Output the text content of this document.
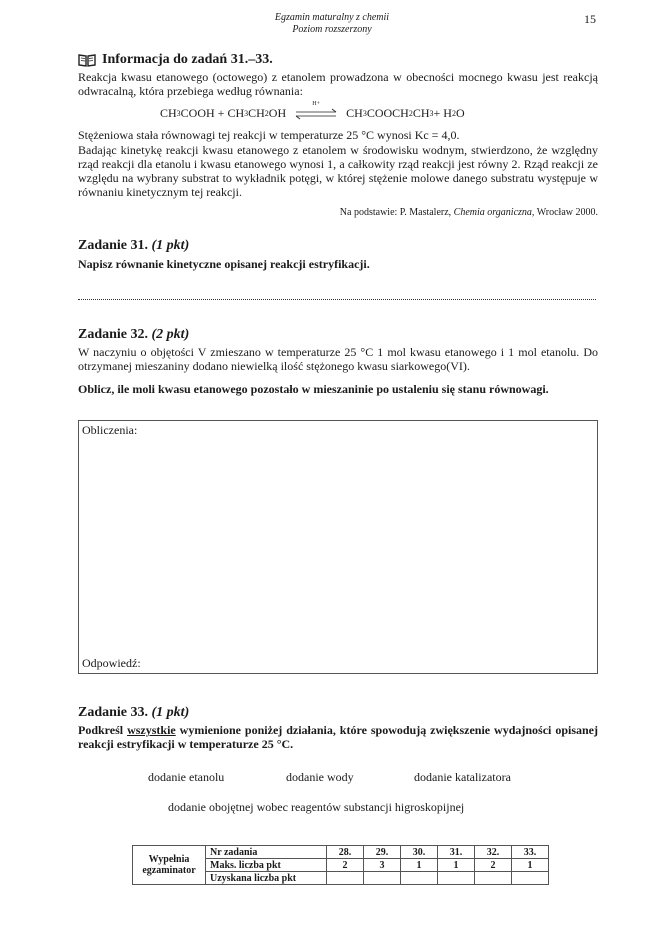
Egzamin maturalny z chemii
Poziom rozszerzony
15
Informacja do zadań 31.–33.
Reakcja kwasu etanowego (octowego) z etanolem prowadzona w obecności mocnego kwasu jest reakcją odwracalną, która przebiega według równania:
CH 3 COOH + CH 3 CH 2 OH
H+
CH 3 COOCH 2 CH 3 + H 2 O
Stężeniowa stała równowagi tej reakcji w temperaturze 25 °C wynosi Kc = 4,0.
Badając kinetykę reakcji kwasu etanowego z etanolem w środowisku wodnym, stwierdzono, że względny rząd reakcji dla etanolu i kwasu etanowego wynosi 1, a całkowity rząd reakcji jest równy 2. Rząd reakcji ze względu na wybrany substrat to wykładnik potęgi, w której stężenie molowe danego substratu występuje w równaniu kinetycznym tej reakcji.
Na podstawie: P. Mastalerz, Chemia organiczna, Wrocław 2000.
Zadanie 31. (1 pkt)
Napisz równanie kinetyczne opisanej reakcji estryfikacji.
Zadanie 32. (2 pkt)
W naczyniu o objętości V zmieszano w temperaturze 25 °C 1 mol kwasu etanowego i 1 mol etanolu. Do otrzymanej mieszaniny dodano niewielką ilość stężonego kwasu siarkowego(VI).
Oblicz, ile moli kwasu etanowego pozostało w mieszaninie po ustaleniu się stanu równowagi.
Obliczenia:
Odpowiedź:
Zadanie 33. (1 pkt)
Podkreśl wszystkie wymienione poniżej działania, które spowodują zwiększenie wydajności opisanej reakcji estryfikacji w temperaturze 25 °C.
dodanie etanolu	dodanie wody	dodanie katalizatora
dodanie obojętnej wobec reagentów substancji higroskopijnej
Wypełnia egzaminator	Nr zadania	28.	29.	30.	31.	32.	33.
	Maks. liczba pkt	2	3	1	1	2	1
	Uzyskana liczba pkt						
